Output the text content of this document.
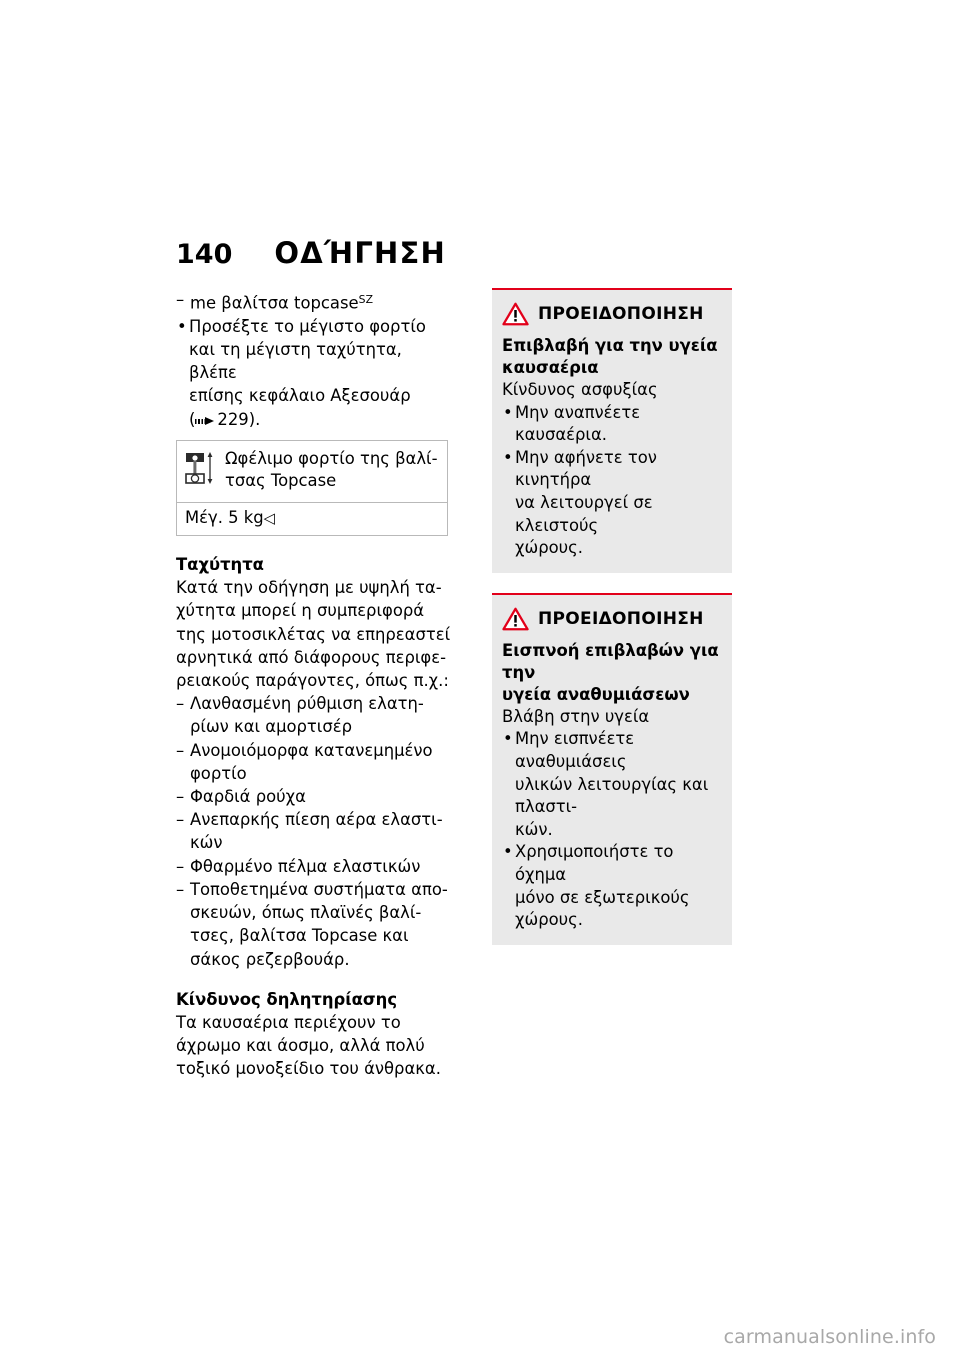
140 ΟΔΉΓΗΣΗ
– me βαλίτσα topcase$^{SZ}$
• Προσέξτε το μέγιστο φορτίο
και τη μέγιστη ταχύτητα, βλέπε
επίσης κεφάλαιο Αξεσουάρ
( 229).
Ωφέλιμο φορτίο της βαλί-
τσας Topcase

Μέγ. 5 kg◁
Ταχύτητα

Κατά την οδήγηση με υψηλή τα-
χύτητα μπορεί η συμπεριφορά
της μοτοσικλέτας να επηρεαστεί
αρνητικά από διάφορους περιφε-
ρειακούς παράγοντες, όπως π.χ.:

– Λανθασμένη ρύθμιση ελατη-
ρίων και αμορτισέρ
– Ανομοιόμορφα κατανεμημένο
φορτίο
– Φαρδιά ρούχα
– Ανεπαρκής πίεση αέρα ελαστι-
κών
– Φθαρμένο πέλμα ελαστικών
– Τοποθετημένα συστήματα απο-
σκευών, όπως πλαϊνές βαλί-
τσες, βαλίτσα Topcase και
σάκος ρεζερβουάρ.
Κίνδυνος δηλητηρίασης

Τα καυσαέρια περιέχουν το
άχρωμο και άοσμο, αλλά πολύ
τοξικό μονοξείδιο του άνθρακα.

ΠΡΟΕΙΔΟΠΟΙΗΣΗ
Επιβλαβή για την υγεία
καυσαέρια

Κίνδυνος ασφυξίας

• Μην αναπνέετε καυσαέρια.
• Μην αφήνετε τον κινητήρα
να λειτουργεί σε κλειστούς
χώρους.
ΠΡΟΕΙΔΟΠΟΙΗΣΗ
Εισπνοή επιβλαβών για την
υγεία αναθυμιάσεων

Βλάβη στην υγεία

• Μην εισπνέετε αναθυμιάσεις
υλικών λειτουργίας και πλαστι-
κών.
• Χρησιμοποιήστε το όχημα
μόνο σε εξωτερικούς χώρους.
carmanualsonline.info
